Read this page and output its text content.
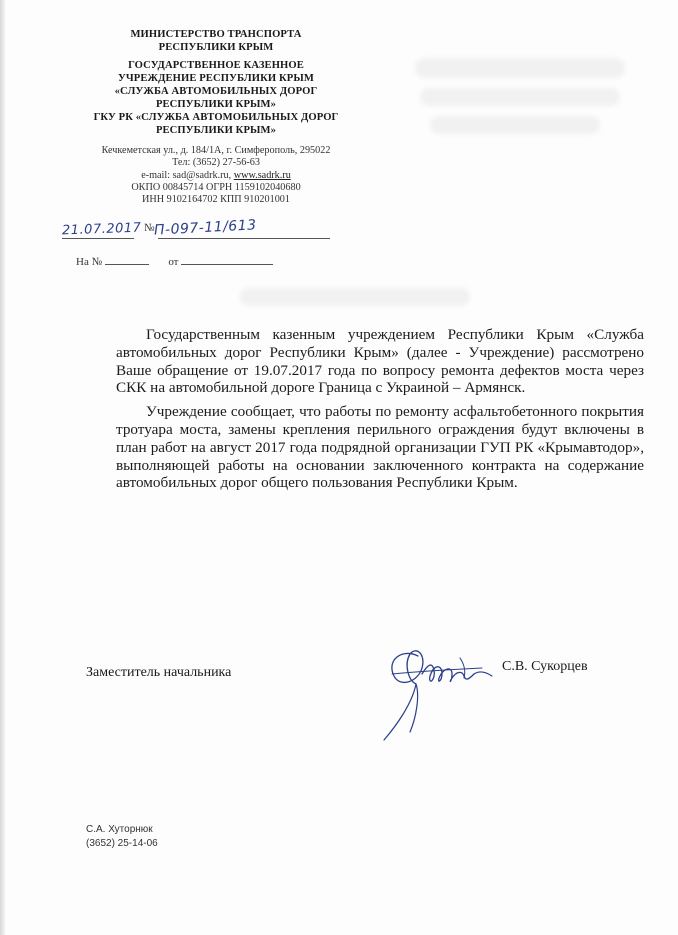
МИНИСТЕРСТВО ТРАНСПОРТА
РЕСПУБЛИКИ КРЫМ
ГОСУДАРСТВЕННОЕ КАЗЕННОЕ
УЧРЕЖДЕНИЕ РЕСПУБЛИКИ КРЫМ
«СЛУЖБА АВТОМОБИЛЬНЫХ ДОРОГ
РЕСПУБЛИКИ КРЫМ»
ГКУ РК «СЛУЖБА АВТОМОБИЛЬНЫХ ДОРОГ
РЕСПУБЛИКИ КРЫМ»
Кечкеметская ул., д. 184/1А, г. Симферополь, 295022
Тел: (3652) 27-56-63
e-mail: sad@sadrk.ru, www.sadrk.ru
ОКПО 00845714 ОГРН 1159102040680
ИНН 9102164702 КПП 910201001
21.07.2017 № П-097-11/613
На №	от

Государственным казенным учреждением Республики Крым «Служба автомобильных дорог Республики Крым» (далее - Учреждение) рассмотрено Ваше обращение от 19.07.2017 года по вопросу ремонта дефектов моста через СКК на автомобильной дороге Граница с Украиной – Армянск.

Учреждение сообщает, что работы по ремонту асфальтобетонного покрытия тротуара моста, замены крепления перильного ограждения будут включены в план работ на август 2017 года подрядной организации ГУП РК «Крымавтодор», выполняющей работы на основании заключенного контракта на содержание автомобильных дорог общего пользования Республики Крым.

Заместитель начальника	С.В. Сукорцев
С.А. Хуторнюк
(3652) 25-14-06
